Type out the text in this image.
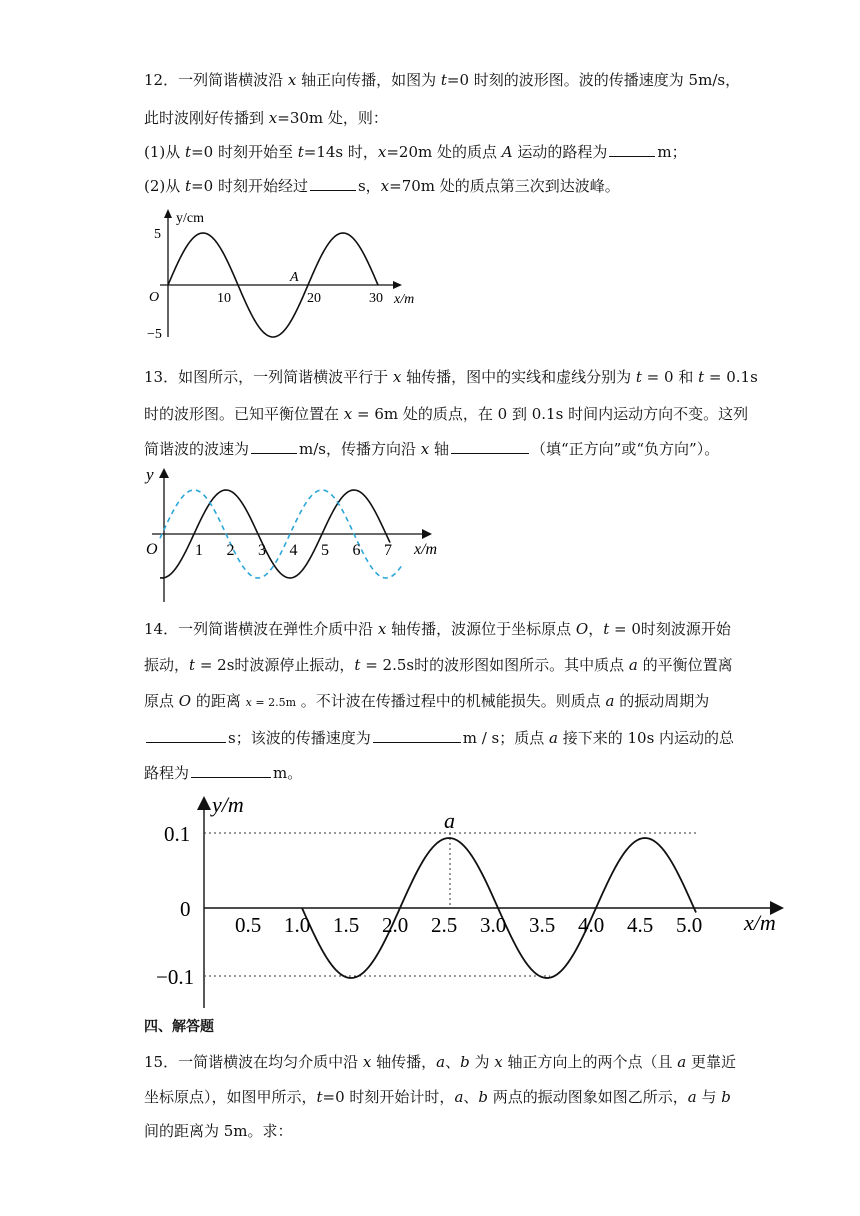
12．一列简谐横波沿 x 轴正向传播，如图为 t=0 时刻的波形图。波的传播速度为 5m/s，
此时波刚好传播到 x=30m 处，则：
(1)从 t=0 时刻开始至 t=14s 时，x=20m 处的质点 A 运动的路程为	m；
(2)从 t=0 时刻开始经过	s，x=70m 处的质点第三次到达波峰。
y/cm
x/m
O
5
−5
10	20	30
A
13．如图所示，一列简谐横波平行于 x 轴传播，图中的实线和虚线分别为 t = 0 和 t = 0.1s
时的波形图。已知平衡位置在 x = 6m 处的质点，在 0 到 0.1s 时间内运动方向不变。这列
简谐波的波速为	m/s，传播方向沿 x 轴	（填“正方向”或“负方向”）。
y
x/m
O 1 2 3 4 5 6 7
14．一列简谐横波在弹性介质中沿 x 轴传播，波源位于坐标原点 O，t = 0时刻波源开始
振动，t = 2s时波源停止振动，t = 2.5s时的波形图如图所示。其中质点 a 的平衡位置离
原点 O 的距离 x = 2.5m 。不计波在传播过程中的机械能损失。则质点 a 的振动周期为
s；该波的传播速度为	m / s；质点 a 接下来的 10s 内运动的总
路程为	m。
y/m
x/m
0
0.1
−0.1
a
0.5 1.0 1.5 2.0 2.5 3.0 3.5 4.0 4.5 5.0
四、解答题
15．一简谐横波在均匀介质中沿 x 轴传播，a、b 为 x 轴正方向上的两个点（且 a 更靠近
坐标原点），如图甲所示，t=0 时刻开始计时，a、b 两点的振动图象如图乙所示，a 与 b
间的距离为 5m。求：
